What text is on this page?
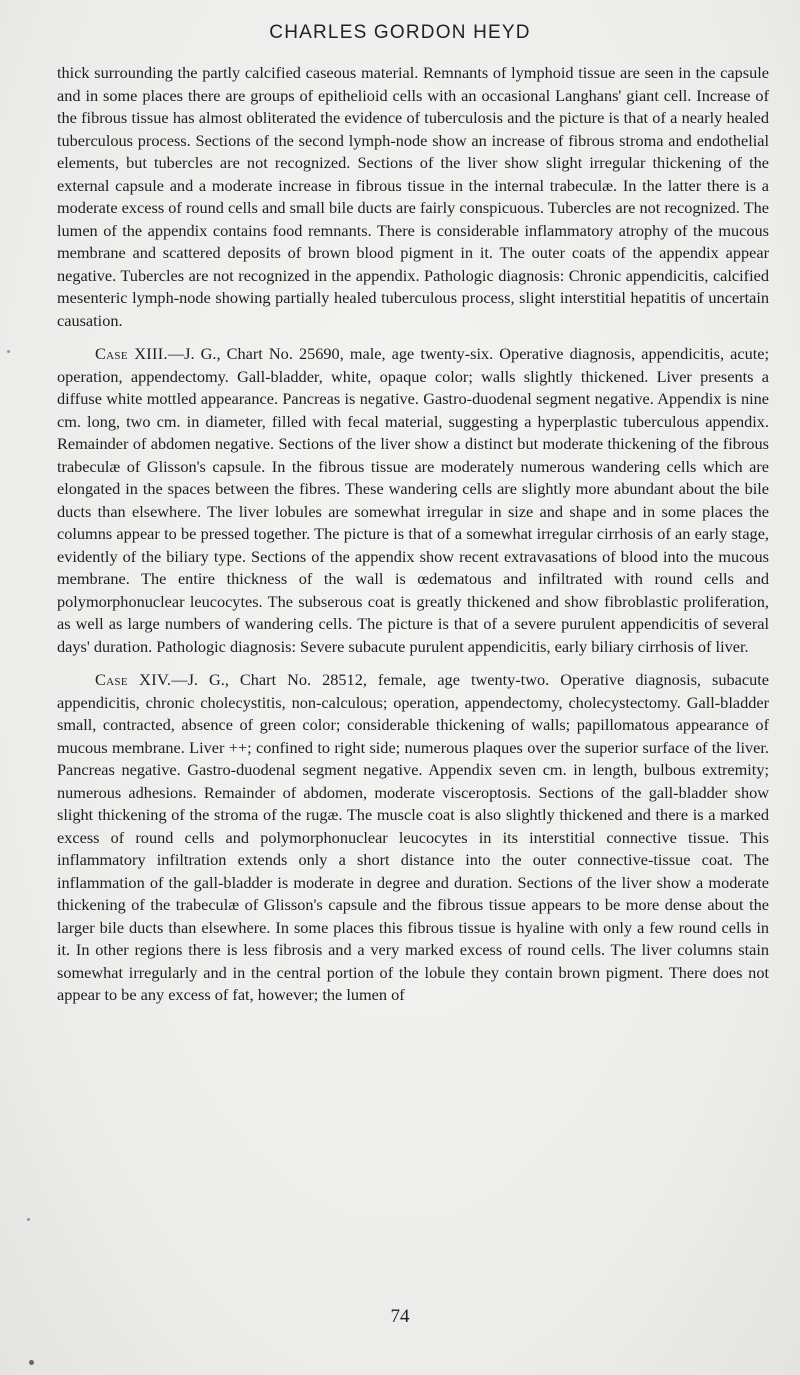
CHARLES GORDON HEYD

thick surrounding the partly calcified caseous material. Remnants of lymphoid tissue are seen in the capsule and in some places there are groups of epithelioid cells with an occasional Langhans' giant cell. Increase of the fibrous tissue has almost obliterated the evidence of tuberculosis and the picture is that of a nearly healed tuberculous process. Sections of the second lymph-node show an increase of fibrous stroma and endothelial elements, but tubercles are not recognized. Sections of the liver show slight irregular thickening of the external capsule and a moderate increase in fibrous tissue in the internal trabeculæ. In the latter there is a moderate excess of round cells and small bile ducts are fairly conspicuous. Tubercles are not recognized. The lumen of the appendix contains food remnants. There is considerable inflammatory atrophy of the mucous membrane and scattered deposits of brown blood pigment in it. The outer coats of the appendix appear negative. Tubercles are not recognized in the appendix. Pathologic diagnosis: Chronic appendicitis, calcified mesenteric lymph-node showing partially healed tuberculous process, slight interstitial hepatitis of uncertain causation.

Case XIII.—J. G., Chart No. 25690, male, age twenty-six. Operative diagnosis, appendicitis, acute; operation, appendectomy. Gall-bladder, white, opaque color; walls slightly thickened. Liver presents a diffuse white mottled appearance. Pancreas is negative. Gastro-duodenal segment negative. Appendix is nine cm. long, two cm. in diameter, filled with fecal material, suggesting a hyperplastic tuberculous appendix. Remainder of abdomen negative. Sections of the liver show a distinct but moderate thickening of the fibrous trabeculæ of Glisson's capsule. In the fibrous tissue are moderately numerous wandering cells which are elongated in the spaces between the fibres. These wandering cells are slightly more abundant about the bile ducts than elsewhere. The liver lobules are somewhat irregular in size and shape and in some places the columns appear to be pressed together. The picture is that of a somewhat irregular cirrhosis of an early stage, evidently of the biliary type. Sections of the appendix show recent extravasations of blood into the mucous membrane. The entire thickness of the wall is œdematous and infiltrated with round cells and polymorphonuclear leucocytes. The subserous coat is greatly thickened and show fibroblastic proliferation, as well as large numbers of wandering cells. The picture is that of a severe purulent appendicitis of several days' duration. Pathologic diagnosis: Severe subacute purulent appendicitis, early biliary cirrhosis of liver.

Case XIV.—J. G., Chart No. 28512, female, age twenty-two. Operative diagnosis, subacute appendicitis, chronic cholecystitis, non-calculous; operation, appendectomy, cholecystectomy. Gall-bladder small, contracted, absence of green color; considerable thickening of walls; papillomatous appearance of mucous membrane. Liver ++; confined to right side; numerous plaques over the superior surface of the liver. Pancreas negative. Gastro-duodenal segment negative. Appendix seven cm. in length, bulbous extremity; numerous adhesions. Remainder of abdomen, moderate visceroptosis. Sections of the gall-bladder show slight thickening of the stroma of the rugæ. The muscle coat is also slightly thickened and there is a marked excess of round cells and polymorphonuclear leucocytes in its interstitial connective tissue. This inflammatory infiltration extends only a short distance into the outer connective-tissue coat. The inflammation of the gall-bladder is moderate in degree and duration. Sections of the liver show a moderate thickening of the trabeculæ of Glisson's capsule and the fibrous tissue appears to be more dense about the larger bile ducts than elsewhere. In some places this fibrous tissue is hyaline with only a few round cells in it. In other regions there is less fibrosis and a very marked excess of round cells. The liver columns stain somewhat irregularly and in the central portion of the lobule they contain brown pigment. There does not appear to be any excess of fat, however; the lumen of

74
